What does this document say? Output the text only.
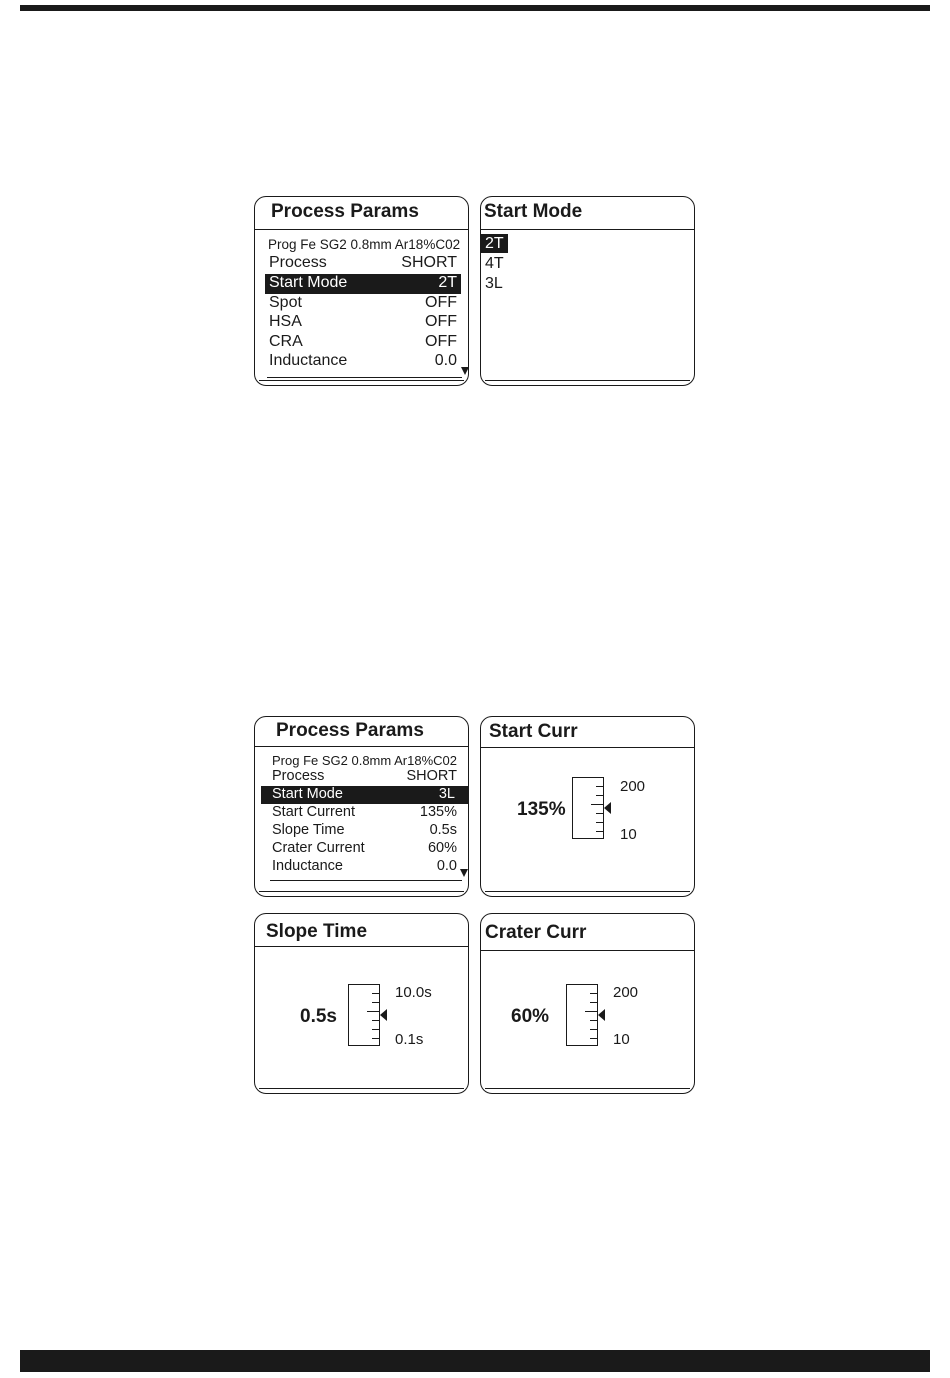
Process Params
Prog Fe SG2 0.8mm Ar18%C02
Process	SHORT
Start Mode	2T
Spot	OFF
HSA	OFF
CRA	OFF
Inductance	0.0
Start Mode
2T
4T
3L
Process Params
Prog Fe SG2 0.8mm Ar18%C02
Process	SHORT
Start Mode	3L
Start Current	135%
Slope Time	0.5s
Crater Current	60%
Inductance	0.0
Start Curr
135%
200
10
Slope Time
0.5s
10.0s
0.1s
Crater Curr
60%
200
10
